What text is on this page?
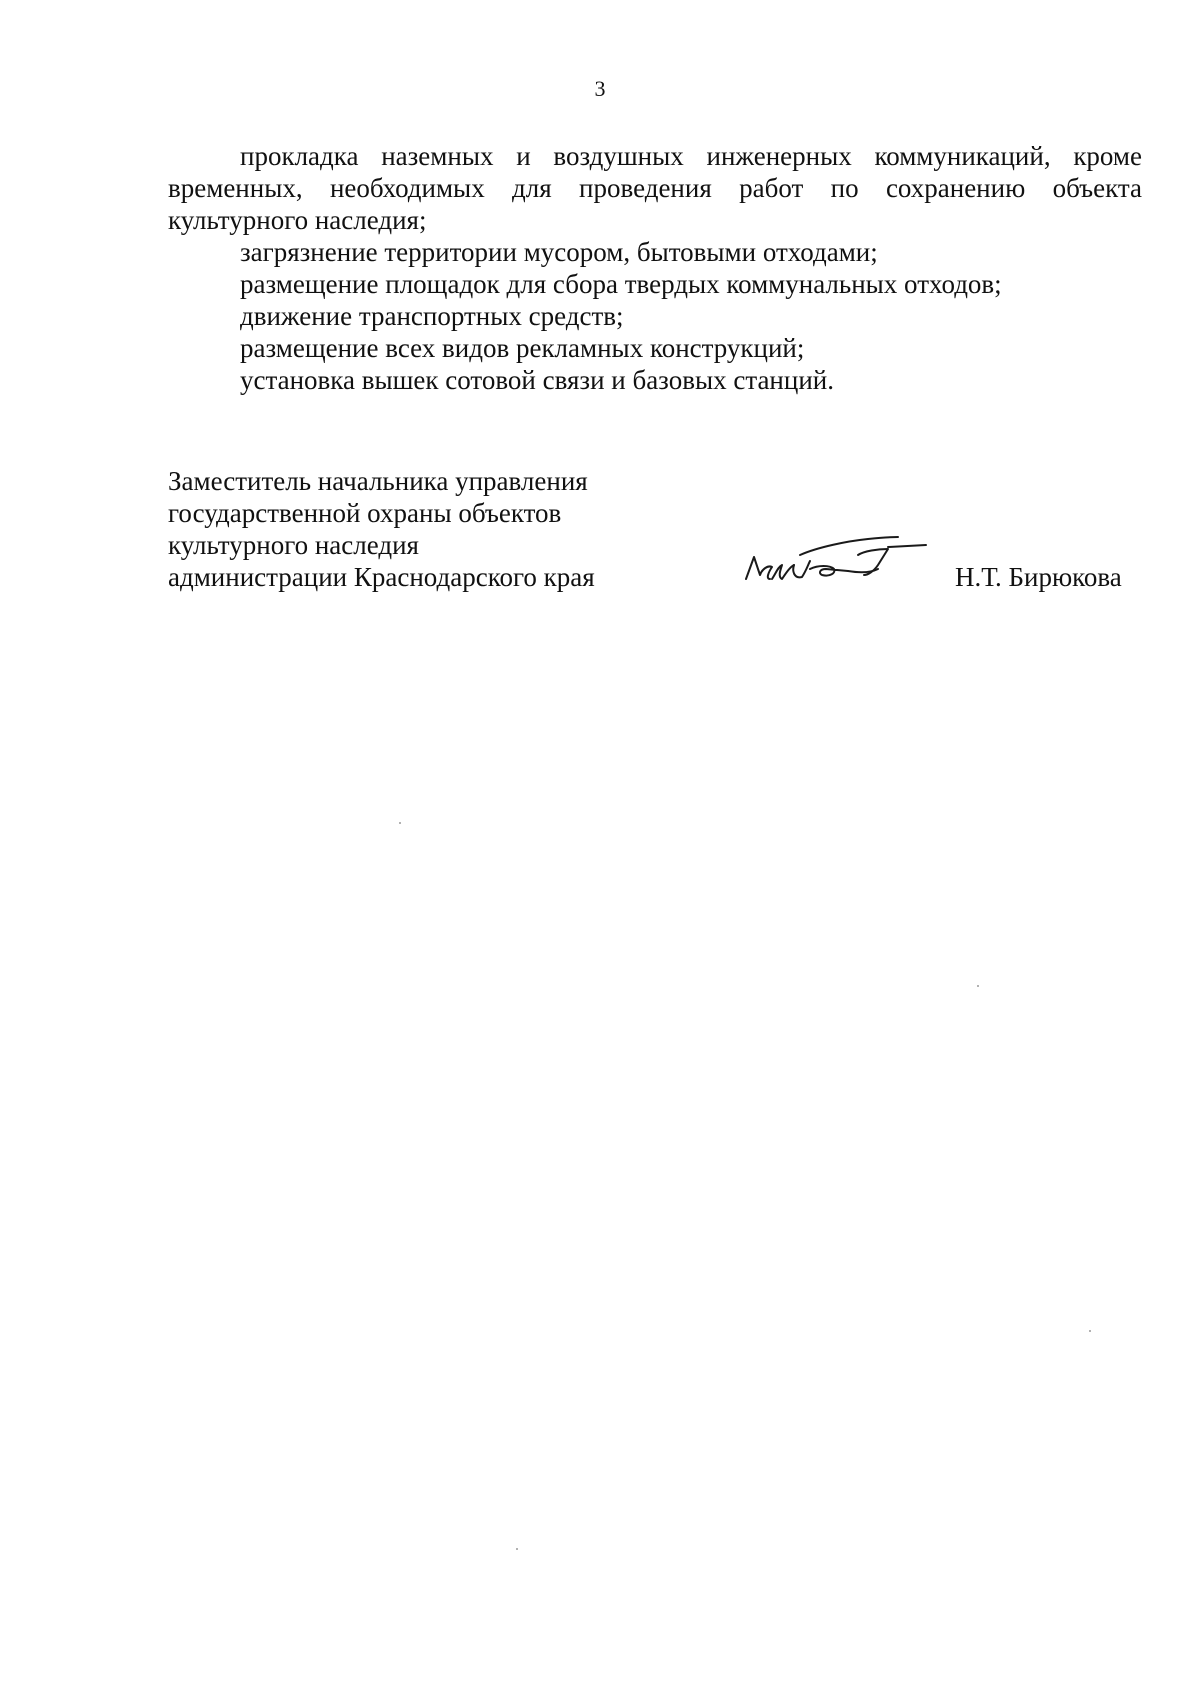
3

прокладка наземных и воздушных инженерных коммуникаций, кроме временных, необходимых для проведения работ по сохранению объекта культурного наследия;

загрязнение территории мусором, бытовыми отходами;

размещение площадок для сбора твердых коммунальных отходов;

движение транспортных средств;

размещение всех видов рекламных конструкций;

установка вышек сотовой связи и базовых станций.

Заместитель начальника управления
государственной охраны объектов
культурного наследия
администрации Краснодарского края	Н.Т. Бирюкова
